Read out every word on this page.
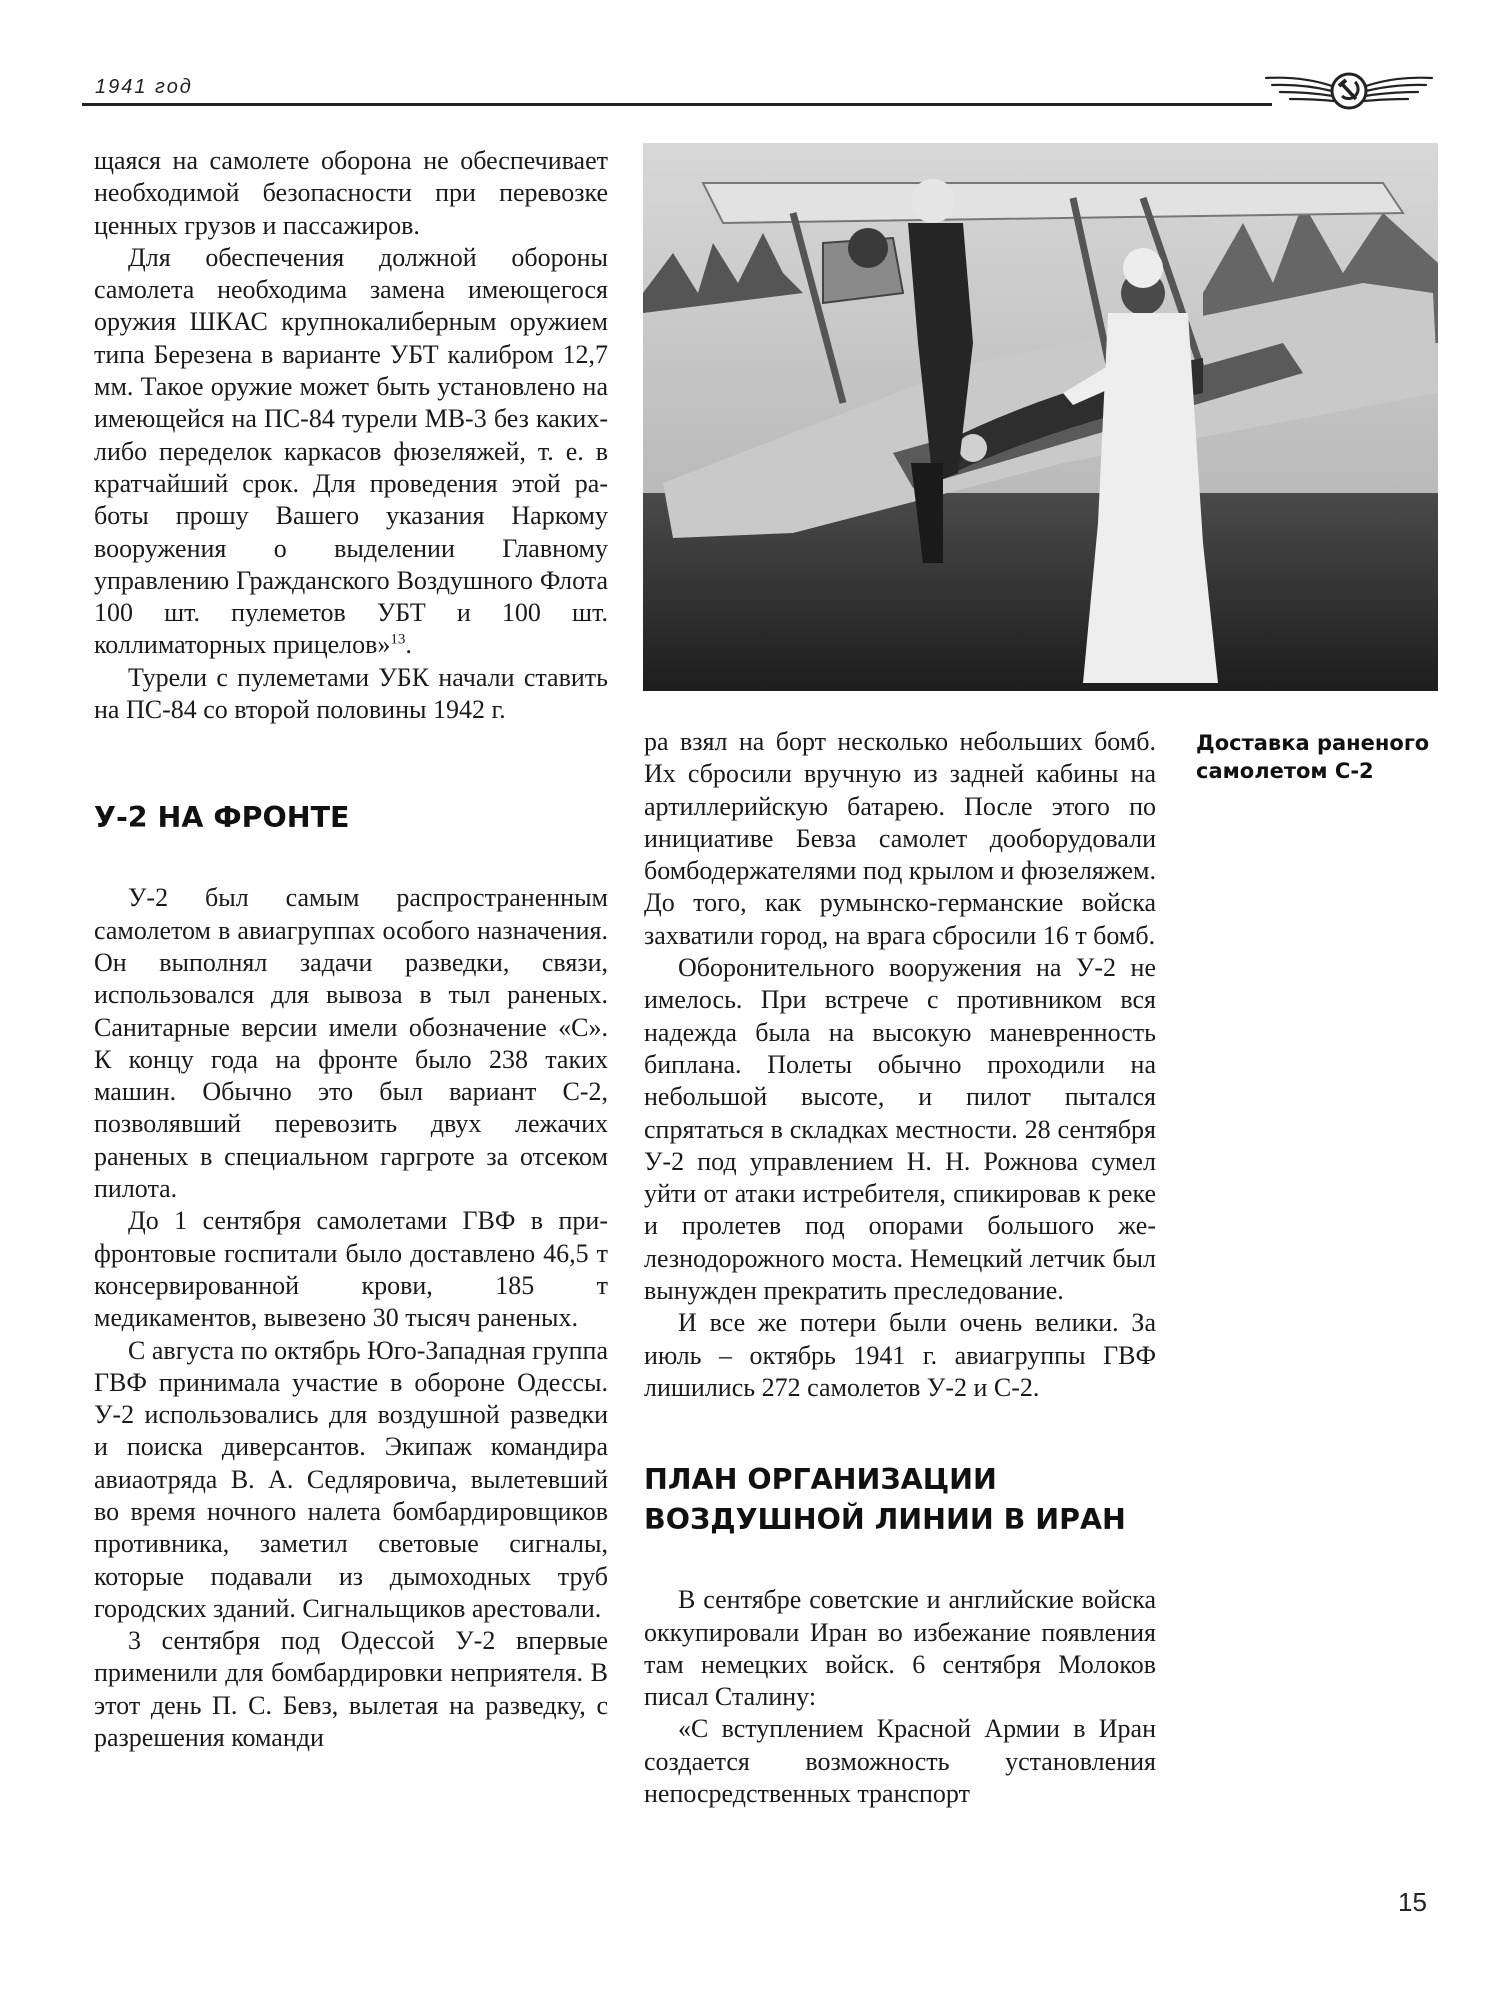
1941 год

щаяся на самолете оборона не обеспечивает необходимой безопасности при перевозке ценных грузов и пассажиров.

Для обеспечения должной обороны самолета необходима замена имеющегося оружия ШКАС крупнокалиберным оружием типа Березена в варианте УБТ калибром 12,7 мм. Такое оружие может быть установлено на имеющейся на ПС-84 турели МВ-3 без каких-либо переделок каркасов фюзеляжей, т. е. в кратчайший срок. Для проведения этой работы прошу Вашего указания Наркому вооружения о выделении Главному управлению Гражданского Воздушного Флота 100 шт. пулеметов УБТ и 100 шт. коллиматорных прицелов»$^{13}$.

Турели с пулеметами УБК начали ставить на ПС-84 со второй половины 1942 г.

У-2 НА ФРОНТЕ

У-2 был самым распространенным самолетом в авиагруппах особого назначения. Он выполнял задачи разведки, связи, использовался для вывоза в тыл раненых. Санитарные версии имели обозначение «С». К концу года на фронте было 238 таких машин. Обычно это был вариант С-2, позволявший перевозить двух лежачих раненых в специальном гаргроте за отсеком пилота.

До 1 сентября самолетами ГВФ в прифронтовые госпитали было доставлено 46,5 т консервированной крови, 185 т медикаментов, вывезено 30 тысяч раненых.

С августа по октябрь Юго-Западная группа ГВФ принимала участие в обороне Одессы. У-2 использовались для воздушной разведки и поиска диверсантов. Экипаж командира авиаотряда В. А. Седляровича, вылетевший во время ночного налета бомбардировщиков противника, заметил световые сигналы, которые подавали из дымоходных труб городских зданий. Сигнальщиков арестовали.

3 сентября под Одессой У-2 впервые применили для бомбардировки неприятеля. В этот день П. С. Бевз, вылетая на разведку, с разрешения команди

Доставка раненого самолетом С-2

ра взял на борт несколько небольших бомб. Их сбросили вручную из задней кабины на артиллерийскую батарею. После этого по инициативе Бевза самолет дооборудовали бомбодержателями под крылом и фюзеляжем. До того, как румынско-германские войска захватили город, на врага сбросили 16 т бомб.

Оборонительного вооружения на У-2 не имелось. При встрече с противником вся надежда была на высокую маневренность биплана. Полеты обычно проходили на небольшой высоте, и пилот пытался спрятаться в складках местности. 28 сентября У-2 под управлением Н. Н. Рожнова сумел уйти от атаки истребителя, спикировав к реке и пролетев под опорами большого железнодорожного моста. Немецкий летчик был вынужден прекратить преследование.

И все же потери были очень велики. За июль – октябрь 1941 г. авиагруппы ГВФ лишились 272 самолетов У-2 и С-2.

ПЛАН ОРГАНИЗАЦИИ
ВОЗДУШНОЙ ЛИНИИ В ИРАН

В сентябре советские и английские войска оккупировали Иран во избежание появления там немецких войск. 6 сентября Молоков писал Сталину:

«С вступлением Красной Армии в Иран создается возможность установления непосредственных транспорт

15
